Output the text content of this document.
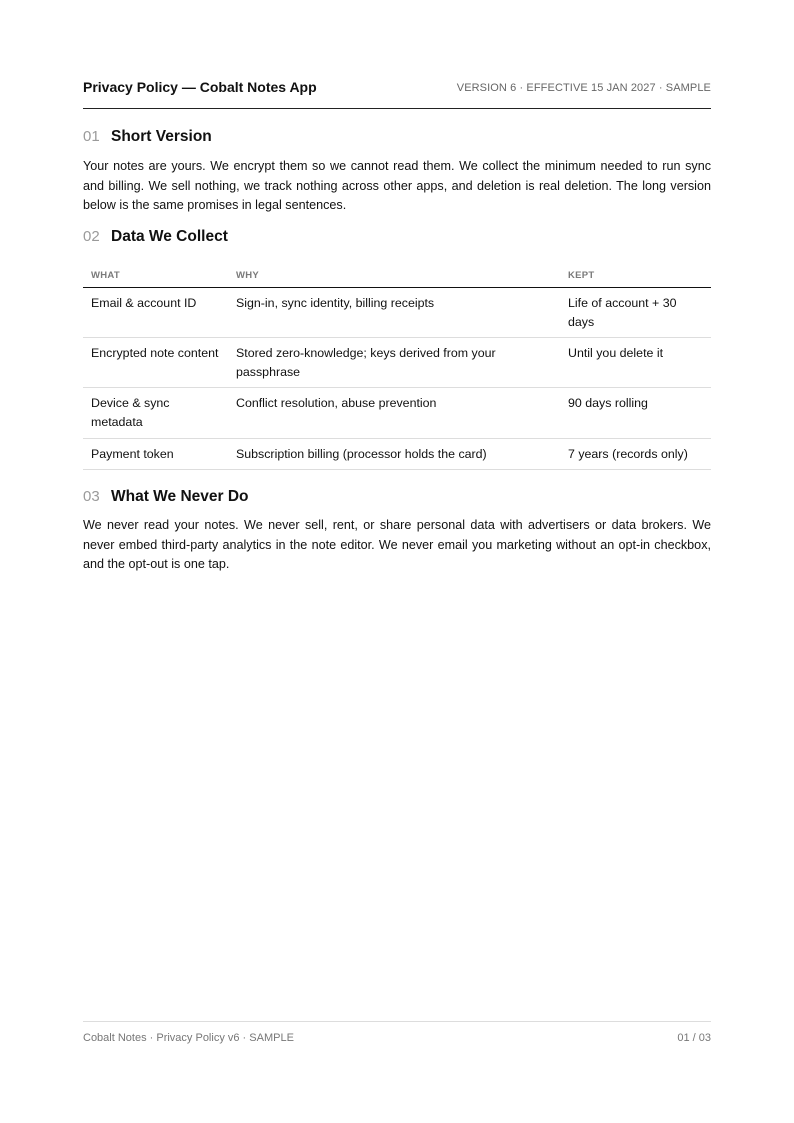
Privacy Policy — Cobalt Notes App	VERSION 6 · EFFECTIVE 15 JAN 2027 · SAMPLE
01 Short Version

Your notes are yours. We encrypt them so we cannot read them. We collect the minimum needed to run sync and billing. We sell nothing, we track nothing across other apps, and deletion is real deletion. The long version below is the same promises in legal sentences.

02 Data We Collect
WHAT	WHY	KEPT
Email & account ID	Sign-in, sync identity, billing receipts	Life of account + 30 days
Encrypted note content	Stored zero-knowledge; keys derived from your passphrase	Until you delete it
Device & sync metadata	Conflict resolution, abuse prevention	90 days rolling
Payment token	Subscription billing (processor holds the card)	7 years (records only)
03 What We Never Do

We never read your notes. We never sell, rent, or share personal data with advertisers or data brokers. We never embed third-party analytics in the note editor. We never email you marketing without an opt-in checkbox, and the opt-out is one tap.

Cobalt Notes · Privacy Policy v6 · SAMPLE	01 / 03
